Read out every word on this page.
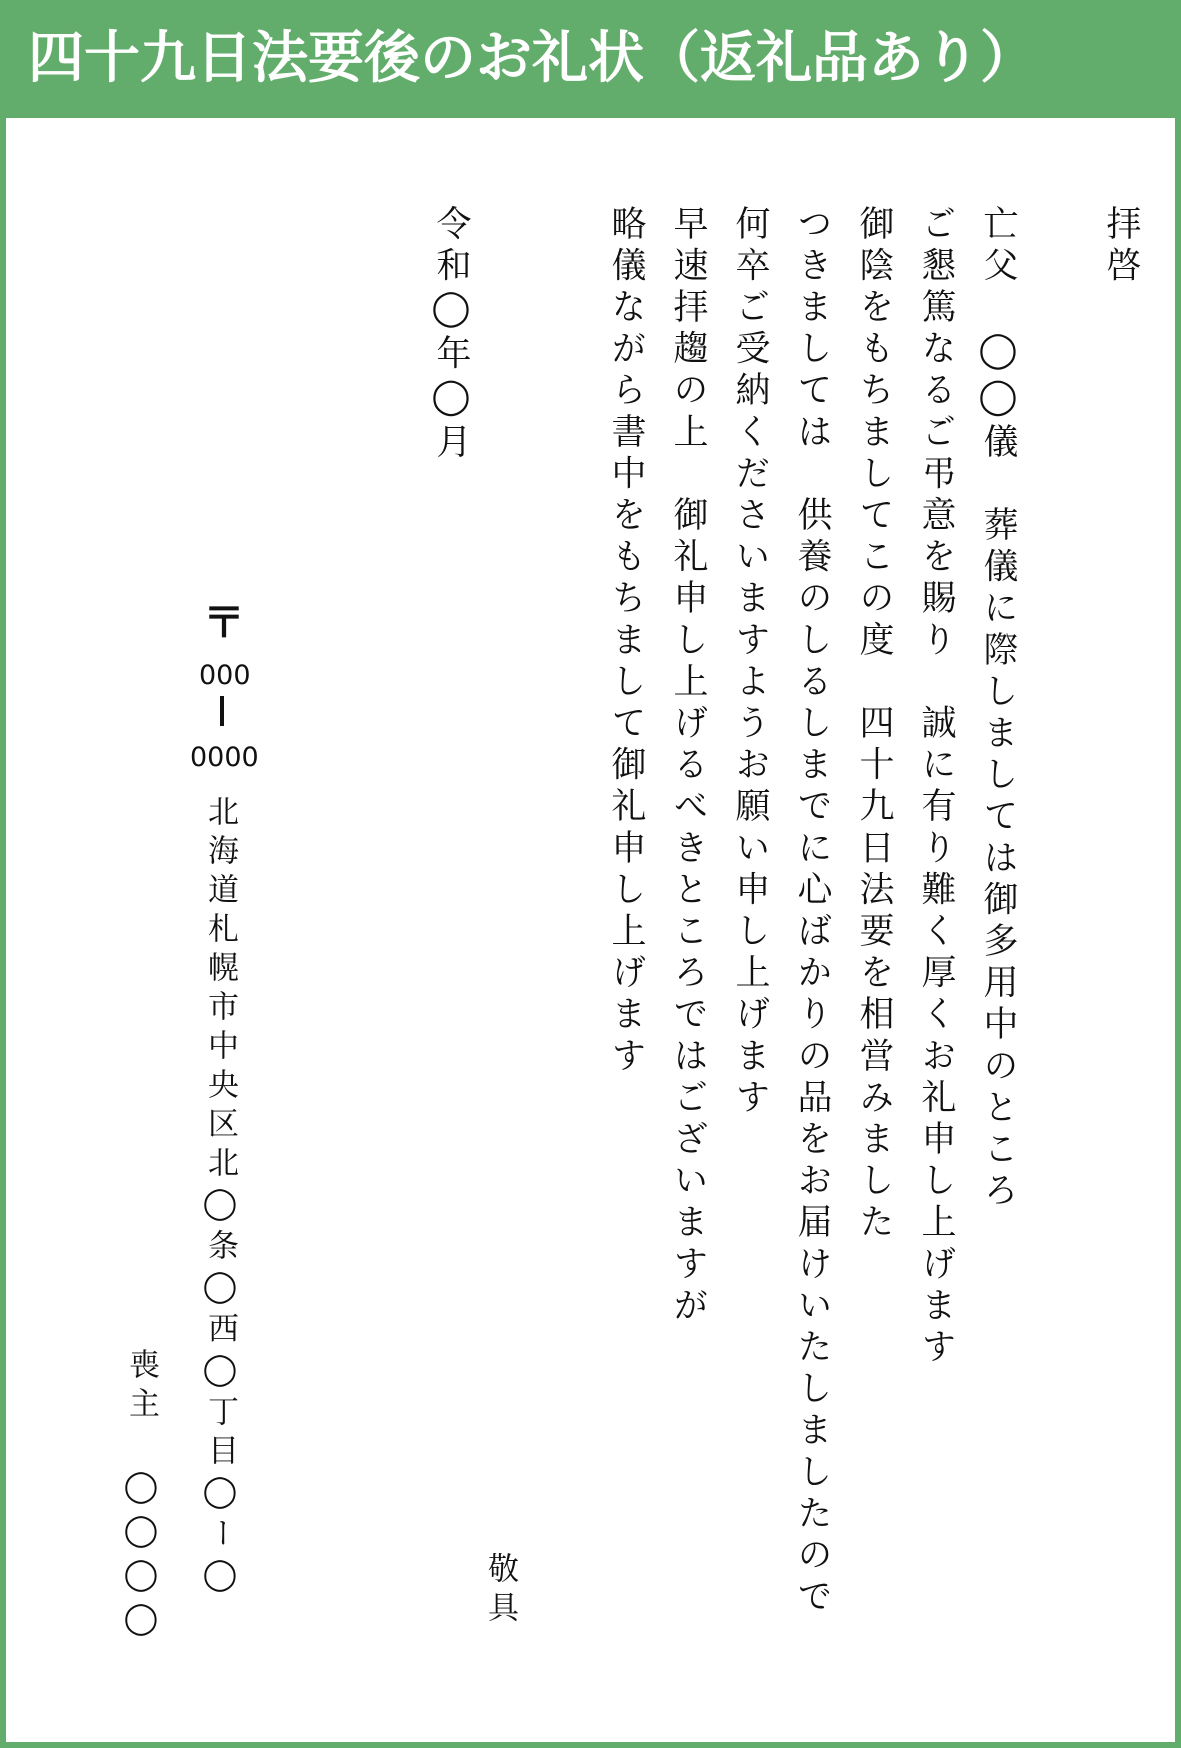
四十九日法要後のお礼状（返礼品あり）
拝啓
亡父　◯◯儀　葬儀に際しましては御多用中のところ
ご懇篤なるご弔意を賜り　誠に有り難く厚くお礼申し上げます
御陰をもちましてこの度　四十九日法要を相営みました
つきましては　供養のしるしまでに心ばかりの品をお届けいたしましたので
何卒ご受納くださいますようお願い申し上げます
早速拝趨の上　御礼申し上げるべきところではございますが
略儀ながら書中をもちまして御礼申し上げます
令和◯年◯月
敬具
〒
000
0000
北海道札幌市中央区北◯条◯西◯丁目◯ー◯
喪主
◯◯◯◯
